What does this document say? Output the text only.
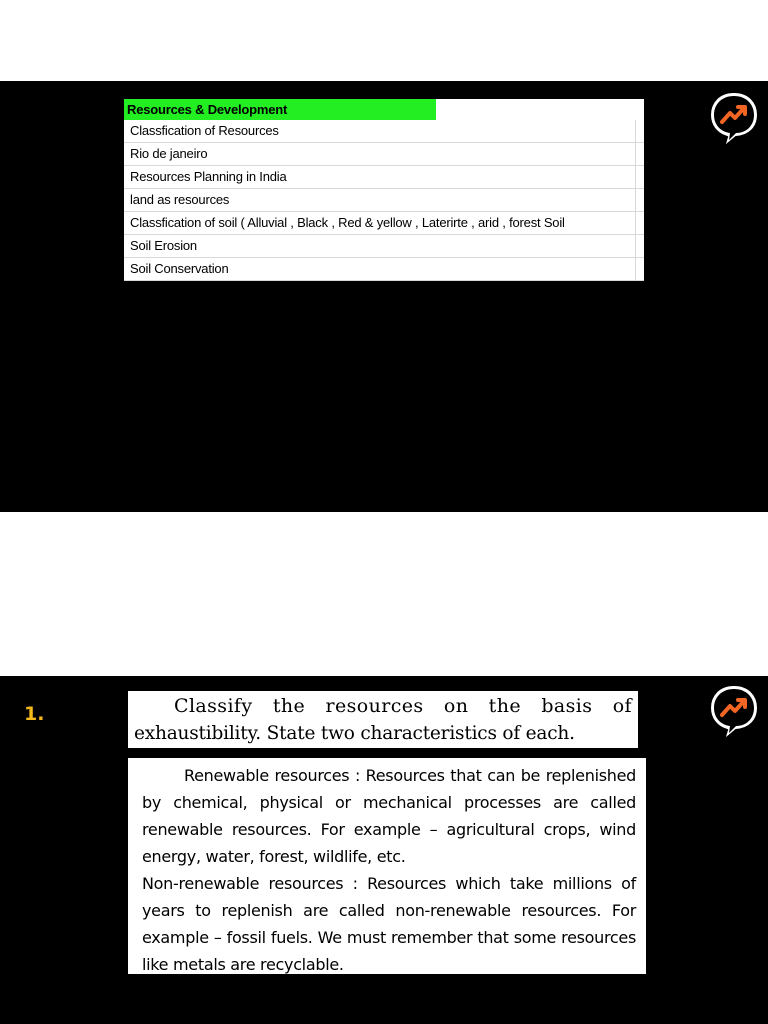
Resources & Development

Classfication of Resources

Rio de janeiro

Resources Planning in India

land as resources

Classfication of soil ( Alluvial , Black , Red & yellow , Laterirte , arid , forest Soil

Soil Erosion

Soil Conservation
1.	Classify the resources on the basis of
exhaustibility. State two characteristics of each.

Renewable resources : Resources that can be replenished by chemical, physical or mechanical processes are called renewable resources. For example – agricultural crops, wind energy, water, forest, wildlife, etc.

Non-renewable resources : Resources which take millions of years to replenish are called non-renewable resources. For example – fossil fuels. We must remember that some resources like metals are recyclable.
